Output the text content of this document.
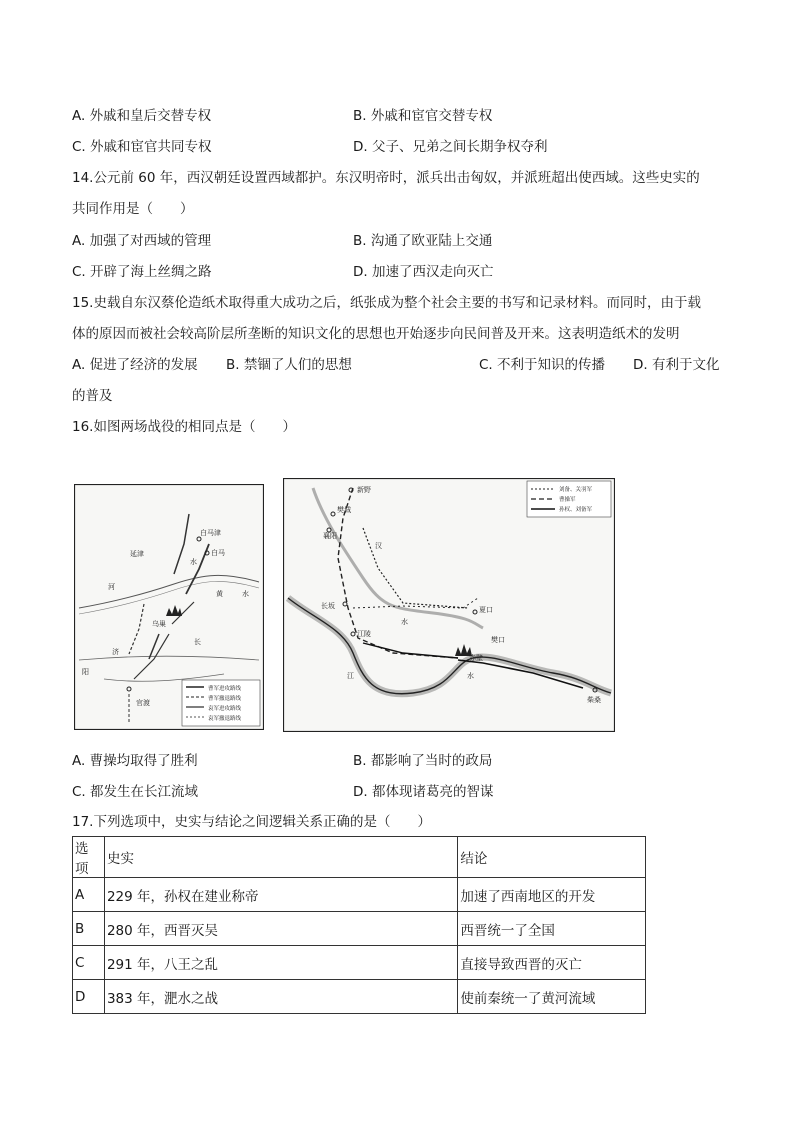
A. 外戚和皇后交替专权	B. 外戚和宦官交替专权
C. 外戚和宦官共同专权	D. 父子、兄弟之间长期争权夺利
14.公元前 60 年，西汉朝廷设置西域都护。东汉明帝时，派兵出击匈奴，并派班超出使西域。这些史实的
共同作用是（　　）
A. 加强了对西域的管理	B. 沟通了欧亚陆上交通
C. 开辟了海上丝绸之路	D. 加速了西汉走向灭亡
15.史载自东汉蔡伦造纸术取得重大成功之后，纸张成为整个社会主要的书写和记录材料。而同时，由于载
体的原因而被社会较高阶层所垄断的知识文化的思想也开始逐步向民间普及开来。这表明造纸术的发明
A. 促进了经济的发展 B. 禁锢了人们的思想	C. 不利于知识的传播 D. 有利于文化
的普及
16.如图两场战役的相同点是（　　）
白马津
白马
延津
乌巢
官渡
济
水
河
黄	水
长
阳
曹军进攻路线
曹军撤退路线
袁军进攻路线
袁军撤退路线
新野
樊城
襄阳
汉
长坂
江陵
夏口
樊口
赤壁
江	水
柴桑
水
刘备、关羽军
曹操军
孙权、刘备军
A. 曹操均取得了胜利	B. 都影响了当时的政局
C. 都发生在长江流域	D. 都体现诸葛亮的智谋
17.下列选项中，史实与结论之间逻辑关系正确的是（　　）
选项	史实	结论
A	229 年，孙权在建业称帝	加速了西南地区的开发
B	280 年，西晋灭吴	西晋统一了全国
C	291 年，八王之乱	直接导致西晋的灭亡
D	383 年，淝水之战	使前秦统一了黄河流域
